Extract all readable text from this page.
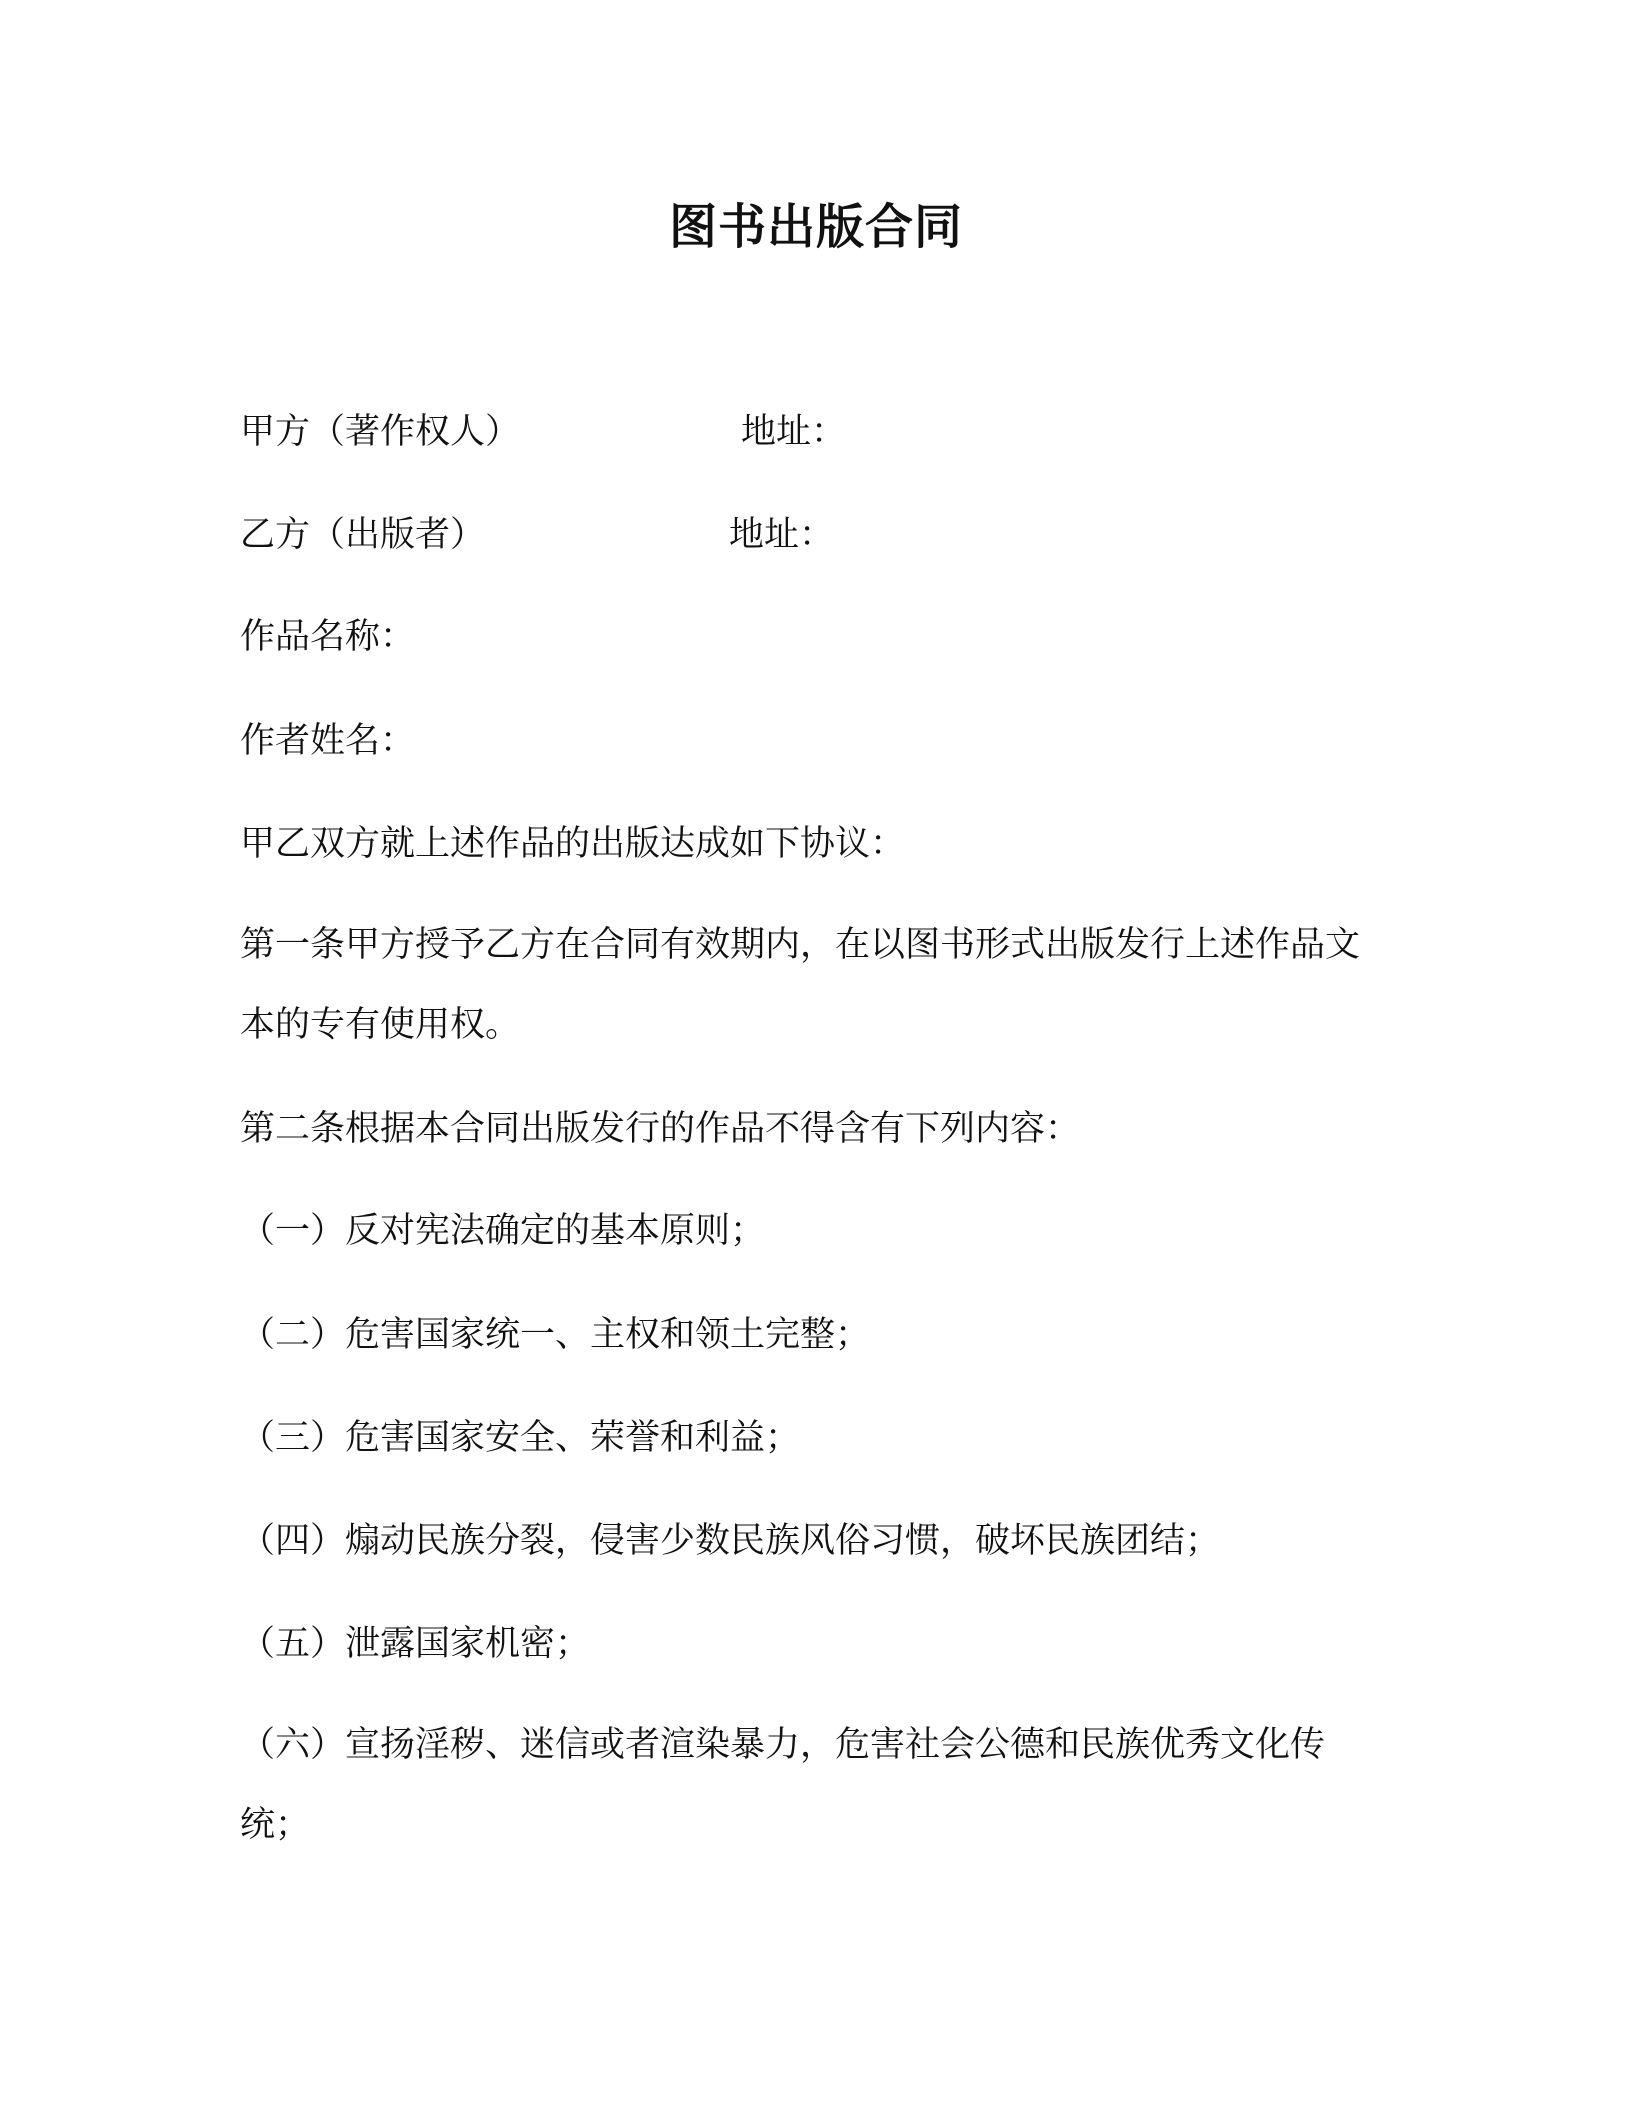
图书出版合同
甲方（著作权人）	地址：
乙方（出版者）	地址：
作品名称：
作者姓名：
甲乙双方就上述作品的出版达成如下协议：
第一条甲方授予乙方在合同有效期内，在以图书形式出版发行上述作品文本的专有使用权。
第二条根据本合同出版发行的作品不得含有下列内容：
（一）反对宪法确定的基本原则；
（二）危害国家统一、主权和领土完整；
（三）危害国家安全、荣誉和利益；
（四）煽动民族分裂，侵害少数民族风俗习惯，破坏民族团结；
（五）泄露国家机密；
（六）宣扬淫秽、迷信或者渲染暴力，危害社会公德和民族优秀文化传统；
